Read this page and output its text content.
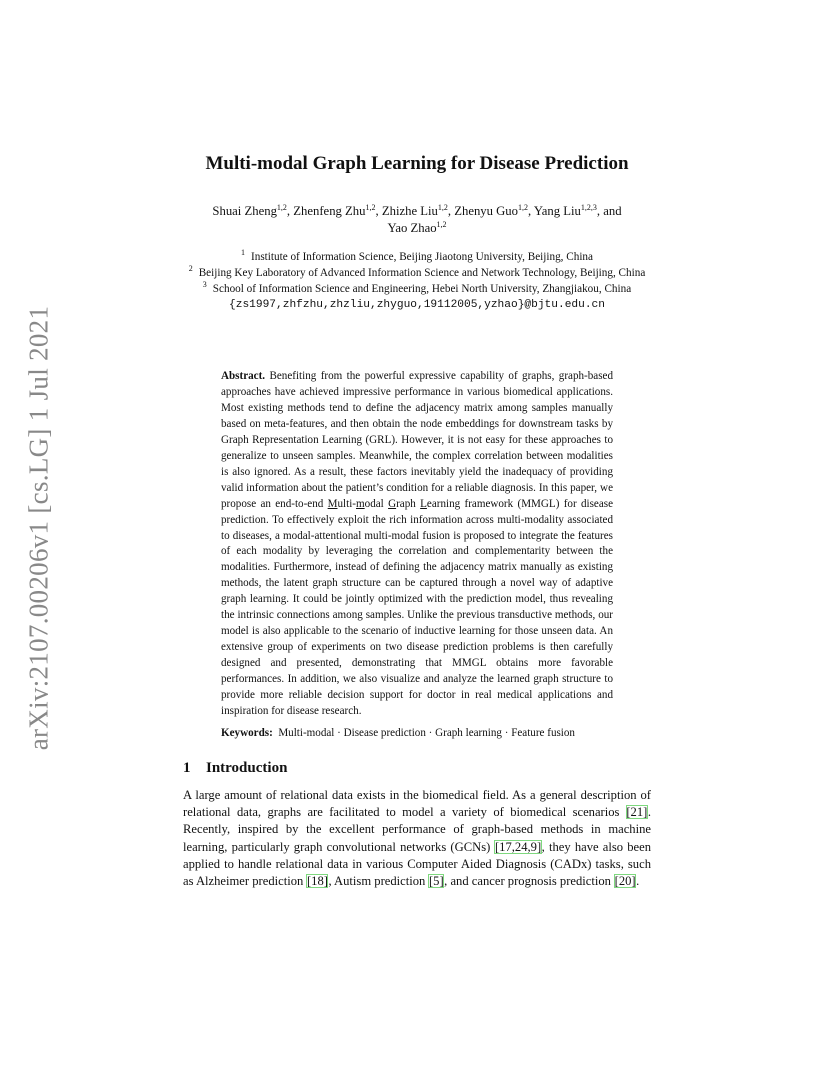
arXiv:2107.00206v1 [cs.LG] 1 Jul 2021
Multi-modal Graph Learning for Disease Prediction
Shuai Zheng$^{1,2}$, Zhenfeng Zhu$^{1,2}$, Zhizhe Liu$^{1,2}$, Zhenyu Guo$^{1,2}$, Yang Liu$^{1,2,3}$, and
Yao Zhao$^{1,2}$
$^1$ Institute of Information Science, Beijing Jiaotong University, Beijing, China
$^2$ Beijing Key Laboratory of Advanced Information Science and Network Technology, Beijing, China
$^3$ School of Information Science and Engineering, Hebei North University, Zhangjiakou, China
{zs1997,zhfzhu,zhzliu,zhyguo,19112005,yzhao}@bjtu.edu.cn
Abstract. Benefiting from the powerful expressive capability of graphs, graph-based approaches have achieved impressive performance in various biomedical applications. Most existing methods tend to define the adjacency matrix among samples manually based on meta-features, and then obtain the node embeddings for downstream tasks by Graph Representation Learning (GRL). However, it is not easy for these approaches to generalize to unseen samples. Meanwhile, the complex correlation between modalities is also ignored. As a result, these factors inevitably yield the inadequacy of providing valid information about the patient’s condition for a reliable diagnosis. In this paper, we propose an end-to-end Multi-modal Graph Learning framework (MMGL) for disease prediction. To effectively exploit the rich information across multi-modality associated to diseases, a modal-attentional multi-modal fusion is proposed to integrate the features of each modality by leveraging the correlation and complementarity between the modalities. Furthermore, instead of defining the adjacency matrix manually as existing methods, the latent graph structure can be captured through a novel way of adaptive graph learning. It could be jointly optimized with the prediction model, thus revealing the intrinsic connections among samples. Unlike the previous transductive methods, our model is also applicable to the scenario of inductive learning for those unseen data. An extensive group of experiments on two disease prediction problems is then carefully designed and presented, demonstrating that MMGL obtains more favorable performances. In addition, we also visualize and analyze the learned graph structure to provide more reliable decision support for doctor in real medical applications and inspiration for disease research.
Keywords: Multi-modal · Disease prediction · Graph learning · Feature fusion
1 Introduction
A large amount of relational data exists in the biomedical field. As a general description of relational data, graphs are facilitated to model a variety of biomedical scenarios [21]. Recently, inspired by the excellent performance of graph-based methods in machine learning, particularly graph convolutional networks (GCNs) [17,24,9], they have also been applied to handle relational data in various Computer Aided Diagnosis (CADx) tasks, such as Alzheimer prediction [18], Autism prediction [5], and cancer prognosis prediction [20].
